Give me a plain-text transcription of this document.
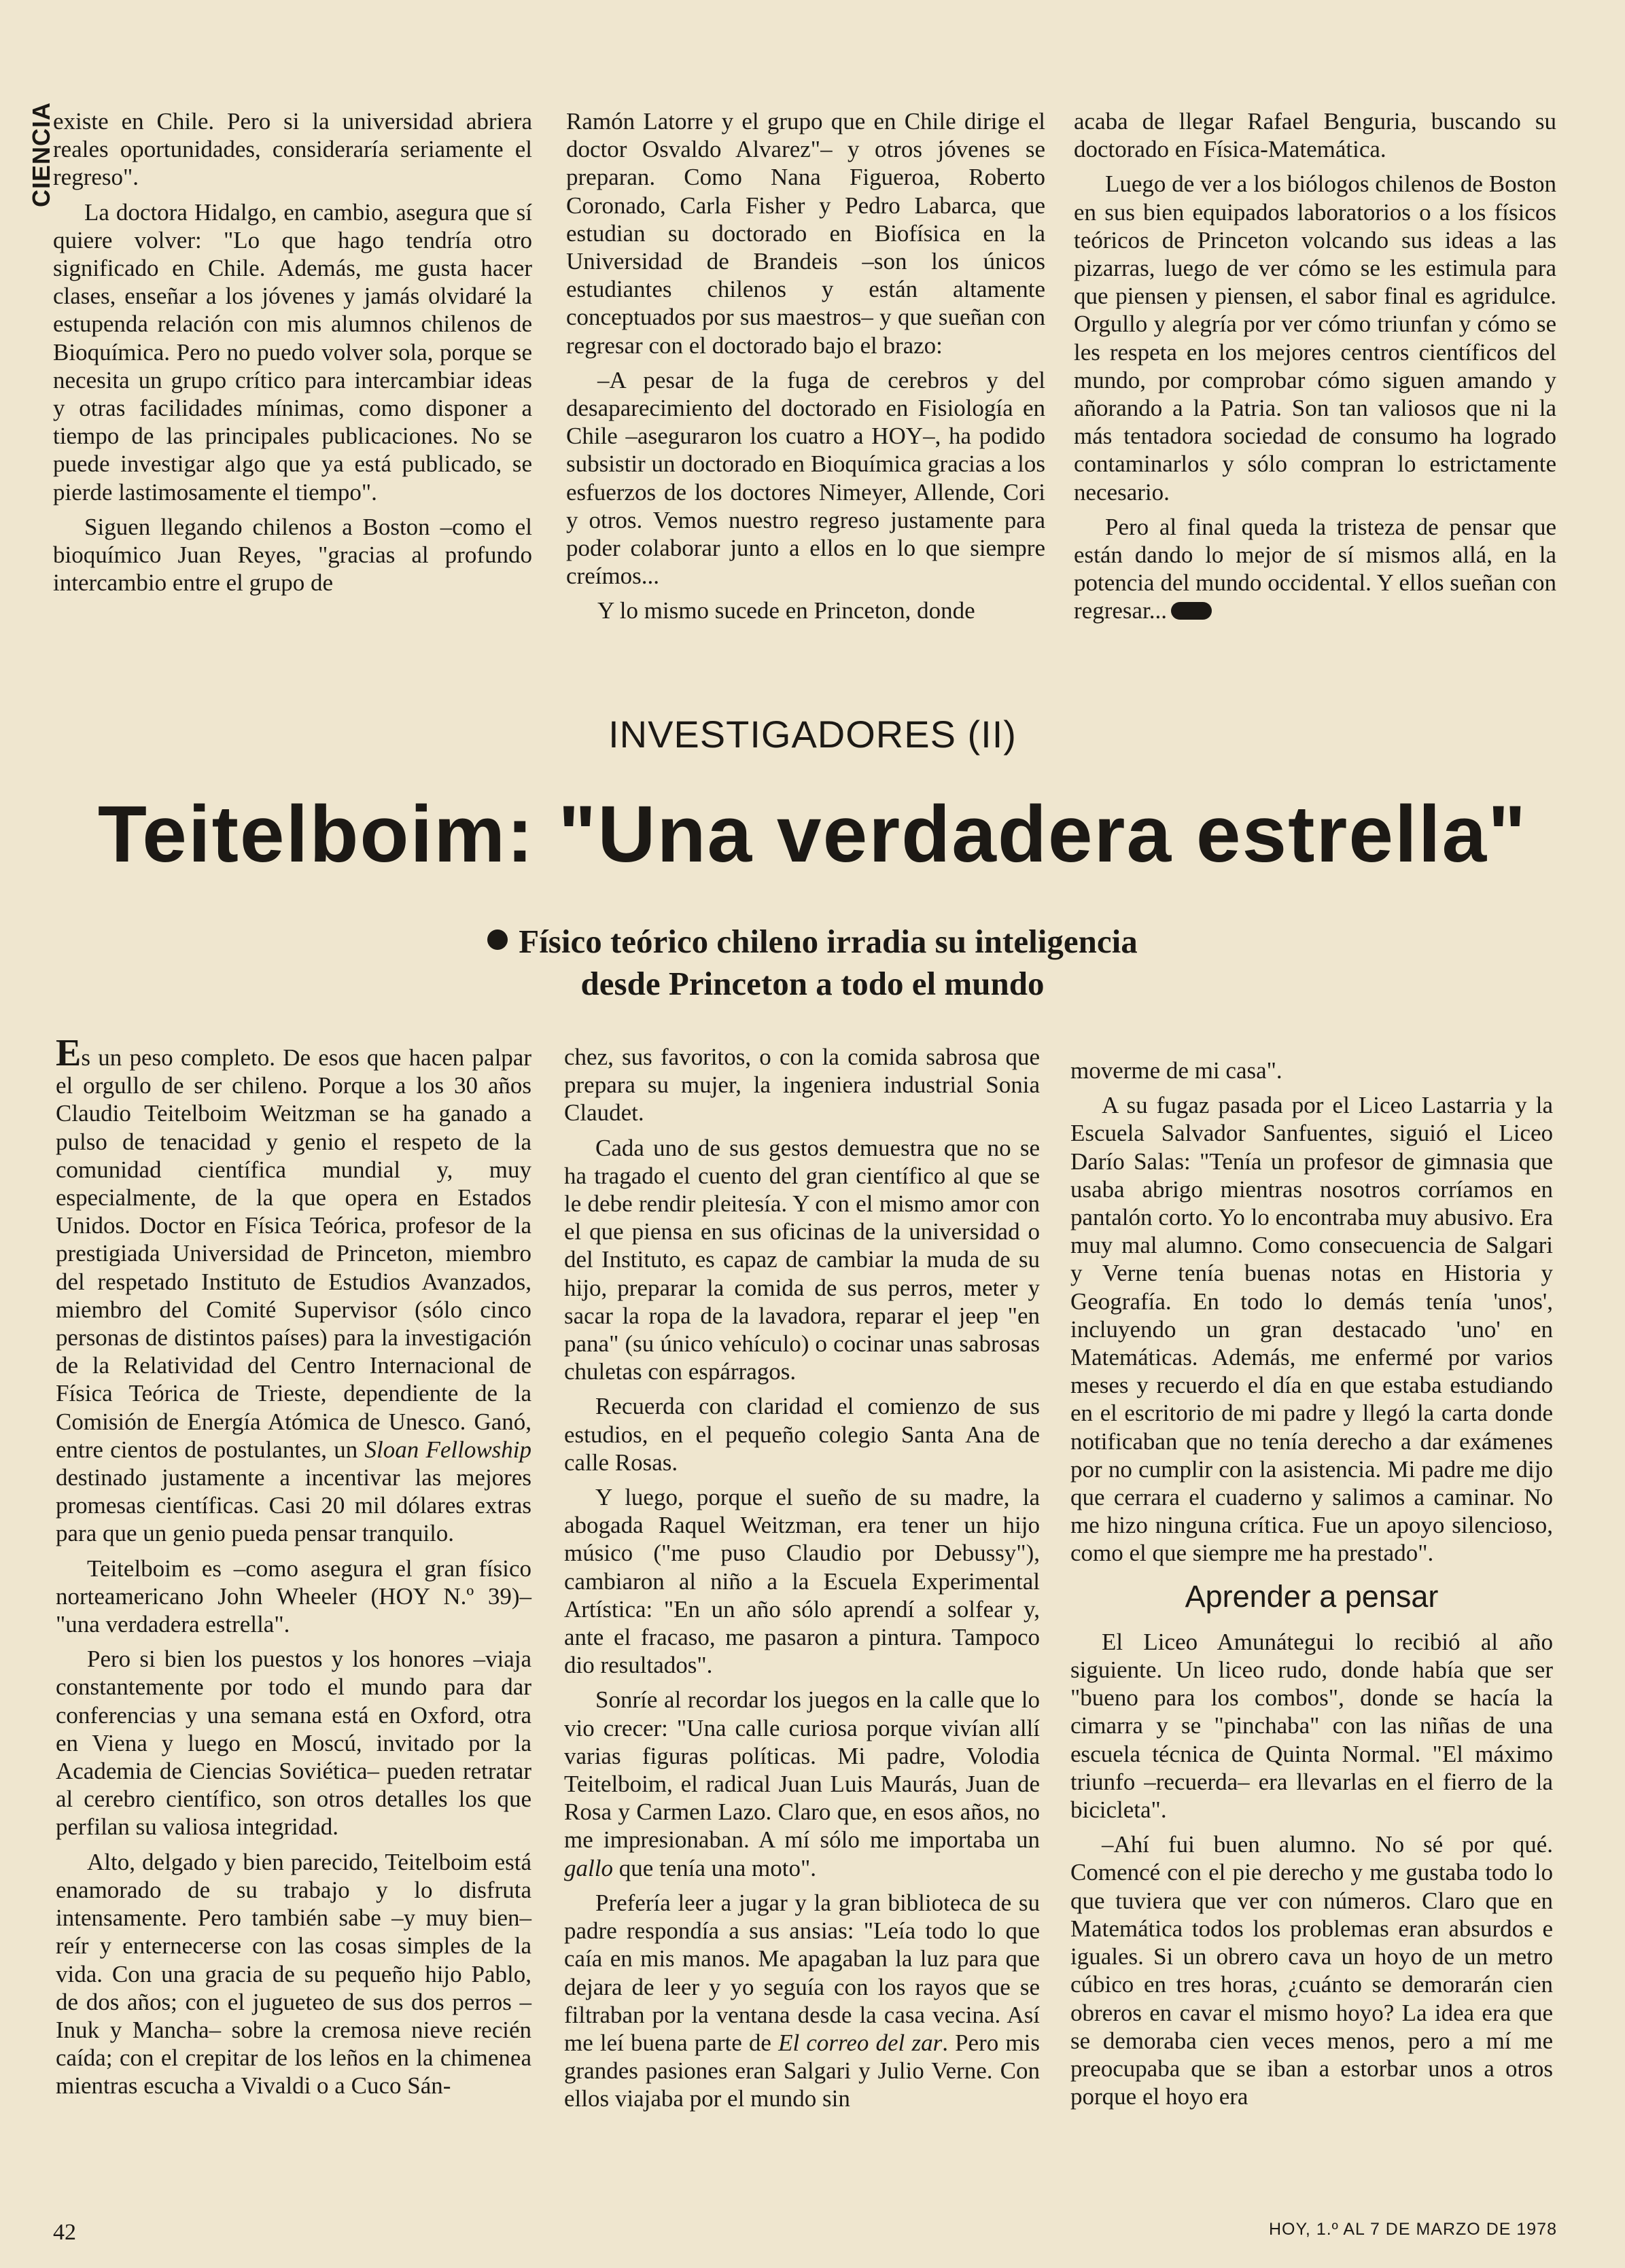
CIENCIA

existe en Chile. Pero si la universidad abriera reales oportunidades, consideraría seriamente el regreso".

La doctora Hidalgo, en cambio, asegura que sí quiere volver: "Lo que hago tendría otro significado en Chile. Además, me gusta hacer clases, enseñar a los jóvenes y jamás olvidaré la estupenda relación con mis alumnos chilenos de Bioquímica. Pero no puedo volver sola, porque se necesita un grupo crítico para intercambiar ideas y otras facilidades mínimas, como disponer a tiempo de las principales publicaciones. No se puede investigar algo que ya está publicado, se pierde lastimosamente el tiempo".

Siguen llegando chilenos a Boston –como el bioquímico Juan Reyes, "gracias al profundo intercambio entre el grupo de

Ramón Latorre y el grupo que en Chile dirige el doctor Osvaldo Alvarez"– y otros jóvenes se preparan. Como Nana Figueroa, Roberto Coronado, Carla Fisher y Pedro Labarca, que estudian su doctorado en Biofísica en la Universidad de Brandeis –son los únicos estudiantes chilenos y están altamente conceptuados por sus maestros– y que sueñan con regresar con el doctorado bajo el brazo:

–A pesar de la fuga de cerebros y del desaparecimiento del doctorado en Fisiología en Chile –aseguraron los cuatro a HOY–, ha podido subsistir un doctorado en Bioquímica gracias a los esfuerzos de los doctores Nimeyer, Allende, Cori y otros. Vemos nuestro regreso justamente para poder colaborar junto a ellos en lo que siempre creímos...

Y lo mismo sucede en Princeton, donde

acaba de llegar Rafael Benguria, buscando su doctorado en Física-Matemática.

Luego de ver a los biólogos chilenos de Boston en sus bien equipados laboratorios o a los físicos teóricos de Princeton volcando sus ideas a las pizarras, luego de ver cómo se les estimula para que piensen y piensen, el sabor final es agridulce. Orgullo y alegría por ver cómo triunfan y cómo se les respeta en los mejores centros científicos del mundo, por comprobar cómo siguen amando y añorando a la Patria. Son tan valiosos que ni la más tentadora sociedad de consumo ha logrado contaminarlos y sólo compran lo estrictamente necesario.

Pero al final queda la tristeza de pensar que están dando lo mejor de sí mismos allá, en la potencia del mundo occidental. Y ellos sueñan con regresar...

INVESTIGADORES (II)
Teitelboim: "Una verdadera estrella"
Físico teórico chileno irradia su inteligencia
desde Princeton a todo el mundo

Es un peso completo. De esos que hacen palpar el orgullo de ser chileno. Porque a los 30 años Claudio Teitelboim Weitzman se ha ganado a pulso de tenacidad y genio el respeto de la comunidad científica mundial y, muy especialmente, de la que opera en Estados Unidos. Doctor en Física Teórica, profesor de la prestigiada Universidad de Princeton, miembro del respetado Instituto de Estudios Avanzados, miembro del Comité Supervisor (sólo cinco personas de distintos países) para la investigación de la Relatividad del Centro Internacional de Física Teórica de Trieste, dependiente de la Comisión de Energía Atómica de Unesco. Ganó, entre cientos de postulantes, un Sloan Fellowship destinado justamente a incentivar las mejores promesas científicas. Casi 20 mil dólares extras para que un genio pueda pensar tranquilo.

Teitelboim es –como asegura el gran físico norteamericano John Wheeler (HOY N.º 39)– "una verdadera estrella".

Pero si bien los puestos y los honores –viaja constantemente por todo el mundo para dar conferencias y una semana está en Oxford, otra en Viena y luego en Moscú, invitado por la Academia de Ciencias Soviética– pueden retratar al cerebro científico, son otros detalles los que perfilan su valiosa integridad.

Alto, delgado y bien parecido, Teitelboim está enamorado de su trabajo y lo disfruta intensamente. Pero también sabe –y muy bien– reír y enternecerse con las cosas simples de la vida. Con una gracia de su pequeño hijo Pablo, de dos años; con el jugueteo de sus dos perros –Inuk y Mancha– sobre la cremosa nieve recién caída; con el crepitar de los leños en la chimenea mientras escucha a Vivaldi o a Cuco Sán-

chez, sus favoritos, o con la comida sabrosa que prepara su mujer, la ingeniera industrial Sonia Claudet.

Cada uno de sus gestos demuestra que no se ha tragado el cuento del gran científico al que se le debe rendir pleitesía. Y con el mismo amor con el que piensa en sus oficinas de la universidad o del Instituto, es capaz de cambiar la muda de su hijo, preparar la comida de sus perros, meter y sacar la ropa de la lavadora, reparar el jeep "en pana" (su único vehículo) o cocinar unas sabrosas chuletas con espárragos.

Recuerda con claridad el comienzo de sus estudios, en el pequeño colegio Santa Ana de calle Rosas.

Y luego, porque el sueño de su madre, la abogada Raquel Weitzman, era tener un hijo músico ("me puso Claudio por Debussy"), cambiaron al niño a la Escuela Experimental Artística: "En un año sólo aprendí a solfear y, ante el fracaso, me pasaron a pintura. Tampoco dio resultados".

Sonríe al recordar los juegos en la calle que lo vio crecer: "Una calle curiosa porque vivían allí varias figuras políticas. Mi padre, Volodia Teitelboim, el radical Juan Luis Maurás, Juan de Rosa y Carmen Lazo. Claro que, en esos años, no me impresionaban. A mí sólo me importaba un gallo que tenía una moto".

Prefería leer a jugar y la gran biblioteca de su padre respondía a sus ansias: "Leía todo lo que caía en mis manos. Me apagaban la luz para que dejara de leer y yo seguía con los rayos que se filtraban por la ventana desde la casa vecina. Así me leí buena parte de El correo del zar. Pero mis grandes pasiones eran Salgari y Julio Verne. Con ellos viajaba por el mundo sin

moverme de mi casa".

A su fugaz pasada por el Liceo Lastarria y la Escuela Salvador Sanfuentes, siguió el Liceo Darío Salas: "Tenía un profesor de gimnasia que usaba abrigo mientras nosotros corríamos en pantalón corto. Yo lo encontraba muy abusivo. Era muy mal alumno. Como consecuencia de Salgari y Verne tenía buenas notas en Historia y Geografía. En todo lo demás tenía 'unos', incluyendo un gran destacado 'uno' en Matemáticas. Además, me enfermé por varios meses y recuerdo el día en que estaba estudiando en el escritorio de mi padre y llegó la carta donde notificaban que no tenía derecho a dar exámenes por no cumplir con la asistencia. Mi padre me dijo que cerrara el cuaderno y salimos a caminar. No me hizo ninguna crítica. Fue un apoyo silencioso, como el que siempre me ha prestado".

Aprender a pensar

El Liceo Amunátegui lo recibió al año siguiente. Un liceo rudo, donde había que ser "bueno para los combos", donde se hacía la cimarra y se "pinchaba" con las niñas de una escuela técnica de Quinta Normal. "El máximo triunfo –recuerda– era llevarlas en el fierro de la bicicleta".

–Ahí fui buen alumno. No sé por qué. Comencé con el pie derecho y me gustaba todo lo que tuviera que ver con números. Claro que en Matemática todos los problemas eran absurdos e iguales. Si un obrero cava un hoyo de un metro cúbico en tres horas, ¿cuánto se demorarán cien obreros en cavar el mismo hoyo? La idea era que se demoraba cien veces menos, pero a mí me preocupaba que se iban a estorbar unos a otros porque el hoyo era

42	HOY, 1.º AL 7 DE MARZO DE 1978
